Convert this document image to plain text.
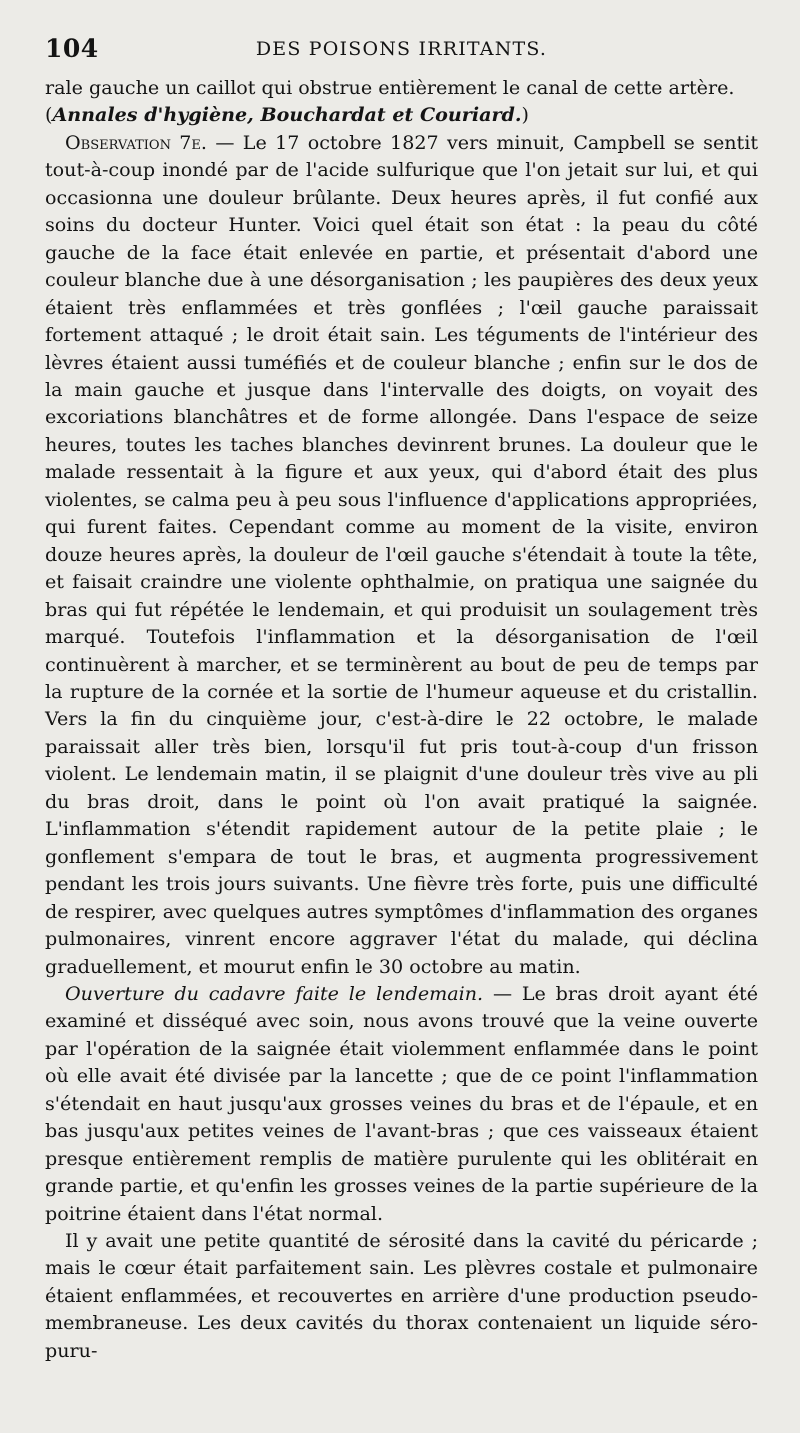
104	DES POISONS IRRITANTS.

rale gauche un caillot qui obstrue entièrement le canal de cette artère.
(Annales d'hygiène, Bouchardat et Couriard.)

Observation 7e. — Le 17 octobre 1827 vers minuit, Campbell se sentit tout-à-coup inondé par de l'acide sulfurique que l'on jetait sur lui, et qui occasionna une douleur brûlante. Deux heures après, il fut confié aux soins du docteur Hunter. Voici quel était son état : la peau du côté gauche de la face était enlevée en partie, et présentait d'abord une couleur blanche due à une désorganisation ; les paupières des deux yeux étaient très enflammées et très gonflées ; l'œil gauche paraissait fortement attaqué ; le droit était sain. Les téguments de l'intérieur des lèvres étaient aussi tuméfiés et de couleur blanche ; enfin sur le dos de la main gauche et jusque dans l'intervalle des doigts, on voyait des excoriations blanchâtres et de forme allongée. Dans l'espace de seize heures, toutes les taches blanches devinrent brunes. La douleur que le malade ressentait à la figure et aux yeux, qui d'abord était des plus violentes, se calma peu à peu sous l'influence d'applications appropriées, qui furent faites. Cependant comme au moment de la visite, environ douze heures après, la douleur de l'œil gauche s'étendait à toute la tête, et faisait craindre une violente ophthalmie, on pratiqua une saignée du bras qui fut répétée le lendemain, et qui produisit un soulagement très marqué. Toutefois l'inflammation et la désorganisation de l'œil continuèrent à marcher, et se terminèrent au bout de peu de temps par la rupture de la cornée et la sortie de l'humeur aqueuse et du cristallin. Vers la fin du cinquième jour, c'est-à-dire le 22 octobre, le malade paraissait aller très bien, lorsqu'il fut pris tout-à-coup d'un frisson violent. Le lendemain matin, il se plaignit d'une douleur très vive au pli du bras droit, dans le point où l'on avait pratiqué la saignée. L'inflammation s'étendit rapidement autour de la petite plaie ; le gonflement s'empara de tout le bras, et augmenta progressivement pendant les trois jours suivants. Une fièvre très forte, puis une difficulté de respirer, avec quelques autres symptômes d'inflammation des organes pulmonaires, vinrent encore aggraver l'état du malade, qui déclina graduellement, et mourut enfin le 30 octobre au matin.

Ouverture du cadavre faite le lendemain. — Le bras droit ayant été examiné et disséqué avec soin, nous avons trouvé que la veine ouverte par l'opération de la saignée était violemment enflammée dans le point où elle avait été divisée par la lancette ; que de ce point l'inflammation s'étendait en haut jusqu'aux grosses veines du bras et de l'épaule, et en bas jusqu'aux petites veines de l'avant-bras ; que ces vaisseaux étaient presque entièrement remplis de matière purulente qui les oblitérait en grande partie, et qu'enfin les grosses veines de la partie supérieure de la poitrine étaient dans l'état normal.

Il y avait une petite quantité de sérosité dans la cavité du péricarde ; mais le cœur était parfaitement sain. Les plèvres costale et pulmonaire étaient enflammées, et recouvertes en arrière d'une production pseudo-membraneuse. Les deux cavités du thorax contenaient un liquide séro-puru-
